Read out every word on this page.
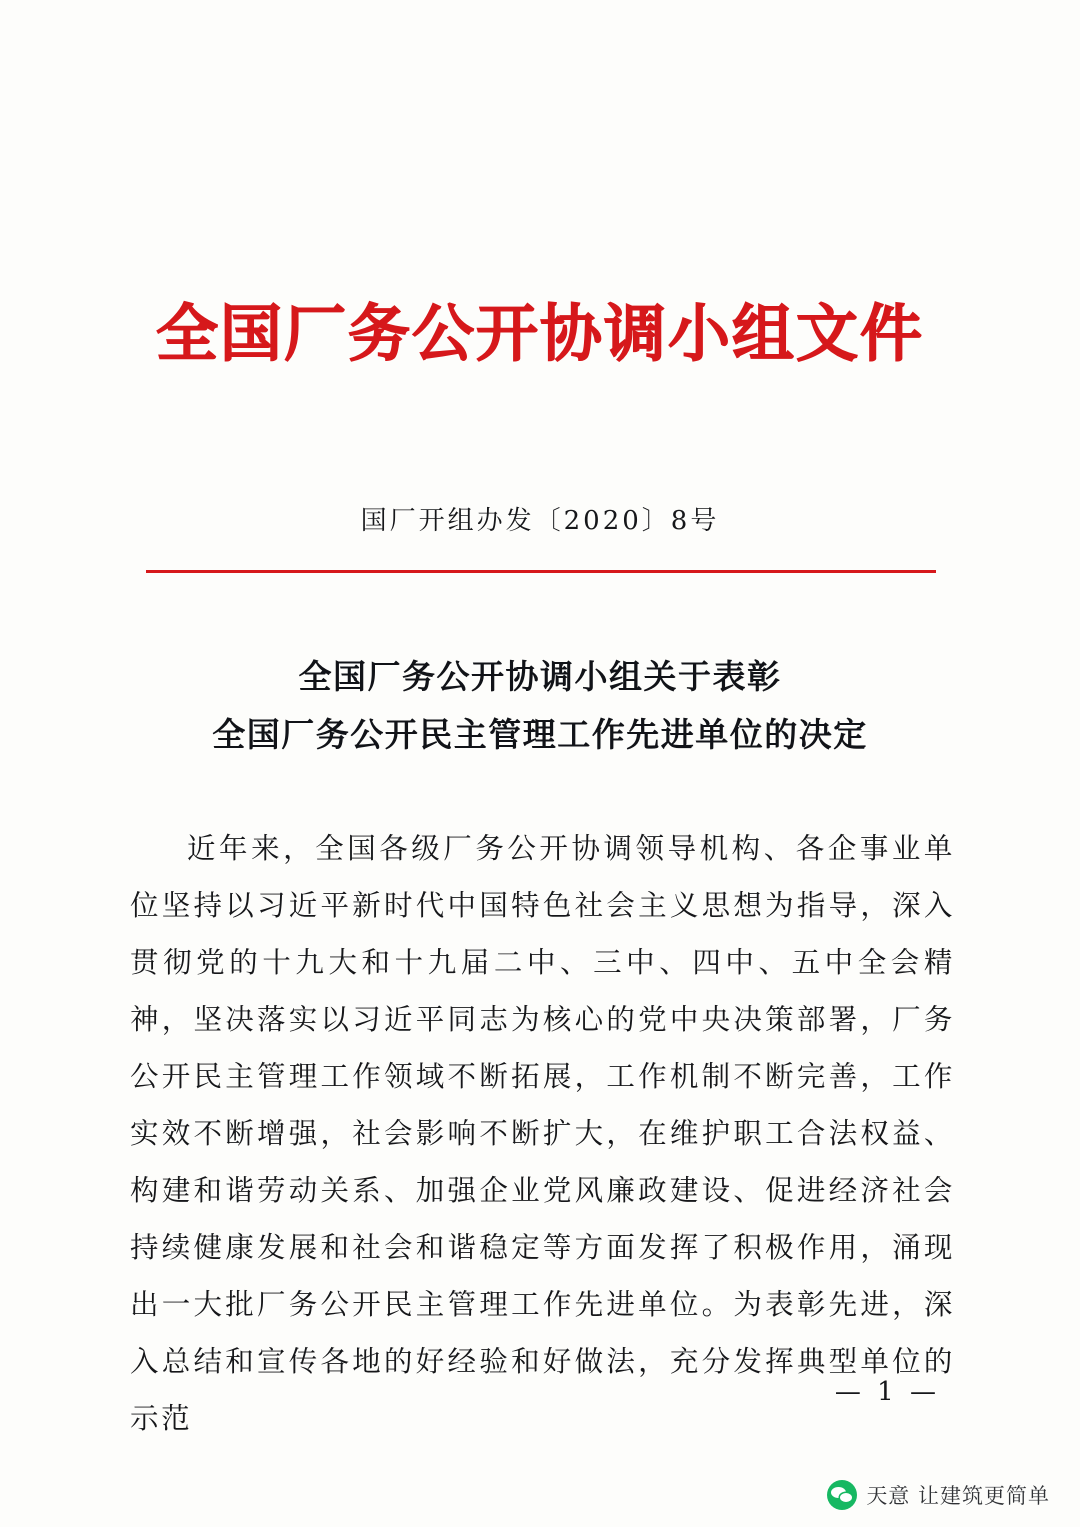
全国厂务公开协调小组文件
国厂开组办发〔2020〕8号
全国厂务公开协调小组关于表彰
全国厂务公开民主管理工作先进单位的决定

近年来，全国各级厂务公开协调领导机构、各企事业单位坚持以习近平新时代中国特色社会主义思想为指导，深入贯彻党的十九大和十九届二中、三中、四中、五中全会精神，坚决落实以习近平同志为核心的党中央决策部署，厂务公开民主管理工作领域不断拓展，工作机制不断完善，工作实效不断增强，社会影响不断扩大，在维护职工合法权益、构建和谐劳动关系、加强企业党风廉政建设、促进经济社会持续健康发展和社会和谐稳定等方面发挥了积极作用，涌现出一大批厂务公开民主管理工作先进单位。为表彰先进，深入总结和宣传各地的好经验和好做法，充分发挥典型单位的示范

— 1 —
天意 让建筑更简单
